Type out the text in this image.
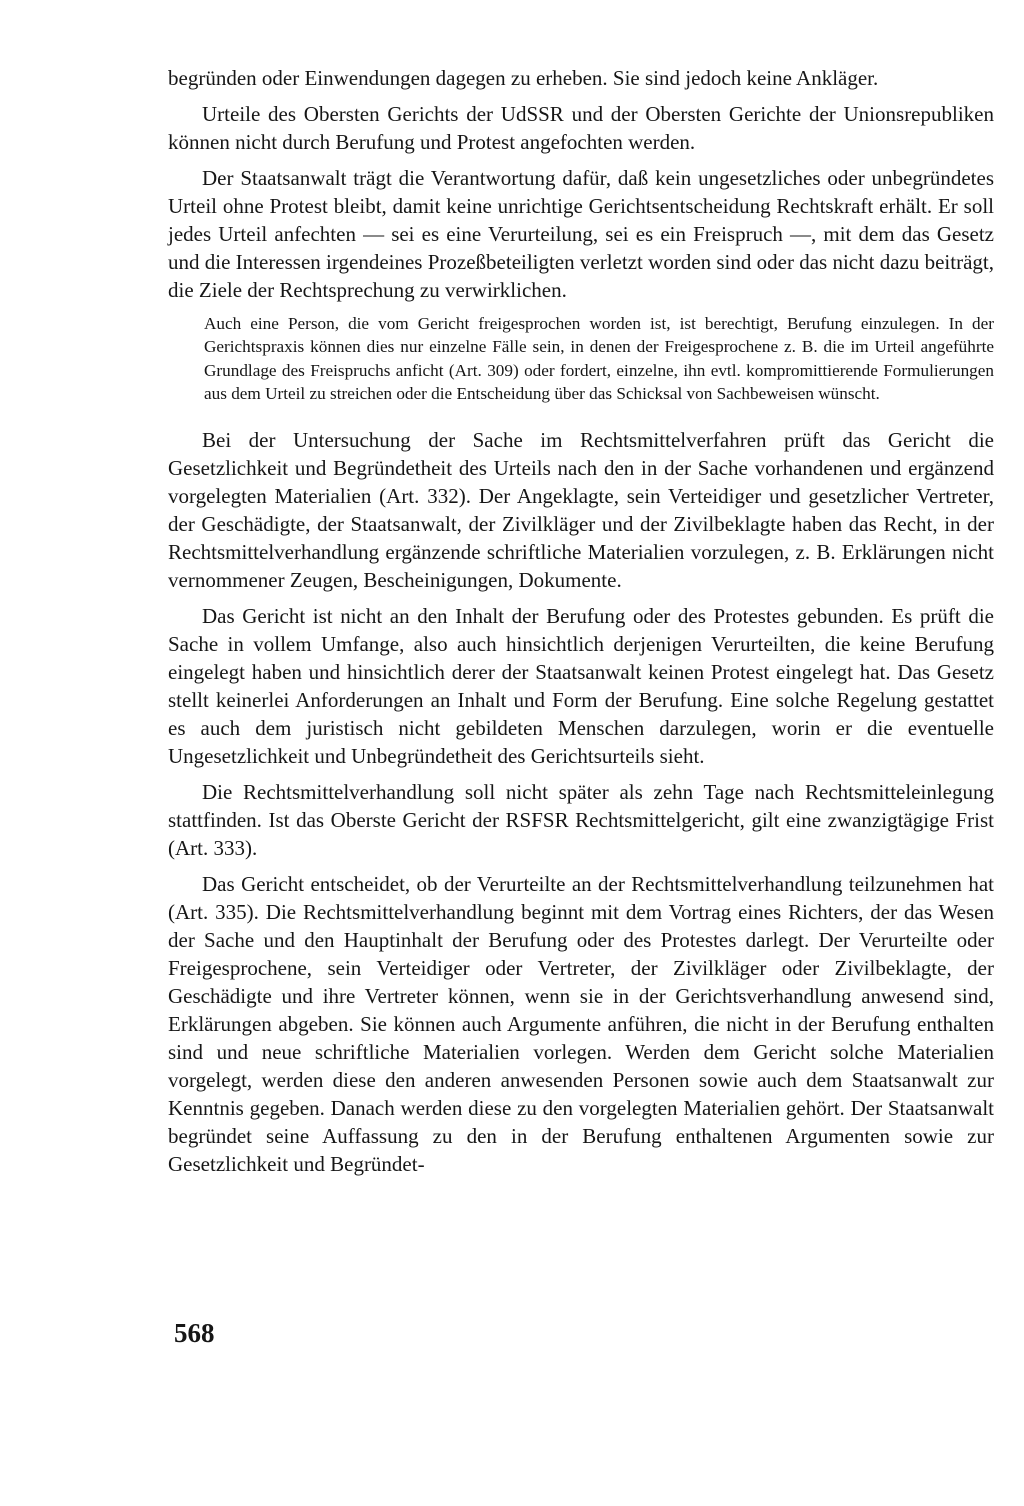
begründen oder Einwendungen dagegen zu erheben. Sie sind jedoch keine Ankläger.

Urteile des Obersten Gerichts der UdSSR und der Obersten Gerichte der Unionsrepubliken können nicht durch Berufung und Protest angefochten werden.

Der Staatsanwalt trägt die Verantwortung dafür, daß kein ungesetzliches oder unbegründetes Urteil ohne Protest bleibt, damit keine unrichtige Gerichtsentscheidung Rechtskraft erhält. Er soll jedes Urteil anfechten — sei es eine Verurteilung, sei es ein Freispruch —, mit dem das Gesetz und die Interessen irgendeines Prozeßbeteiligten verletzt worden sind oder das nicht dazu beiträgt, die Ziele der Rechtsprechung zu verwirklichen.

Auch eine Person, die vom Gericht freigesprochen worden ist, ist berechtigt, Berufung einzulegen. In der Gerichtspraxis können dies nur einzelne Fälle sein, in denen der Freigesprochene z. B. die im Urteil angeführte Grundlage des Freispruchs anficht (Art. 309) oder fordert, einzelne, ihn evtl. kompromittierende Formulierungen aus dem Urteil zu streichen oder die Entscheidung über das Schicksal von Sachbeweisen wünscht.

Bei der Untersuchung der Sache im Rechtsmittelverfahren prüft das Gericht die Gesetzlichkeit und Begründetheit des Urteils nach den in der Sache vorhandenen und ergänzend vorgelegten Materialien (Art. 332). Der Angeklagte, sein Verteidiger und gesetzlicher Vertreter, der Geschädigte, der Staatsanwalt, der Zivilkläger und der Zivilbeklagte haben das Recht, in der Rechtsmittelverhandlung ergänzende schriftliche Materialien vorzulegen, z. B. Erklärungen nicht vernommener Zeugen, Bescheinigungen, Dokumente.

Das Gericht ist nicht an den Inhalt der Berufung oder des Protestes gebunden. Es prüft die Sache in vollem Umfange, also auch hinsichtlich derjenigen Verurteilten, die keine Berufung eingelegt haben und hinsichtlich derer der Staatsanwalt keinen Protest eingelegt hat. Das Gesetz stellt keinerlei Anforderungen an Inhalt und Form der Berufung. Eine solche Regelung gestattet es auch dem juristisch nicht gebildeten Menschen darzulegen, worin er die eventuelle Ungesetzlichkeit und Unbegründetheit des Gerichtsurteils sieht.

Die Rechtsmittelverhandlung soll nicht später als zehn Tage nach Rechtsmitteleinlegung stattfinden. Ist das Oberste Gericht der RSFSR Rechtsmittelgericht, gilt eine zwanzigtägige Frist (Art. 333).

Das Gericht entscheidet, ob der Verurteilte an der Rechtsmittelverhandlung teilzunehmen hat (Art. 335). Die Rechtsmittelverhandlung beginnt mit dem Vortrag eines Richters, der das Wesen der Sache und den Hauptinhalt der Berufung oder des Protestes darlegt. Der Verurteilte oder Freigesprochene, sein Verteidiger oder Vertreter, der Zivilkläger oder Zivilbeklagte, der Geschädigte und ihre Vertreter können, wenn sie in der Gerichtsverhandlung anwesend sind, Erklärungen abgeben. Sie können auch Argumente anführen, die nicht in der Berufung enthalten sind und neue schriftliche Materialien vorlegen. Werden dem Gericht solche Materialien vorgelegt, werden diese den anderen anwesenden Personen sowie auch dem Staatsanwalt zur Kenntnis gegeben. Danach werden diese zu den vorgelegten Materialien gehört. Der Staatsanwalt begründet seine Auffassung zu den in der Berufung enthaltenen Argumenten sowie zur Gesetzlichkeit und Begründet-

568
